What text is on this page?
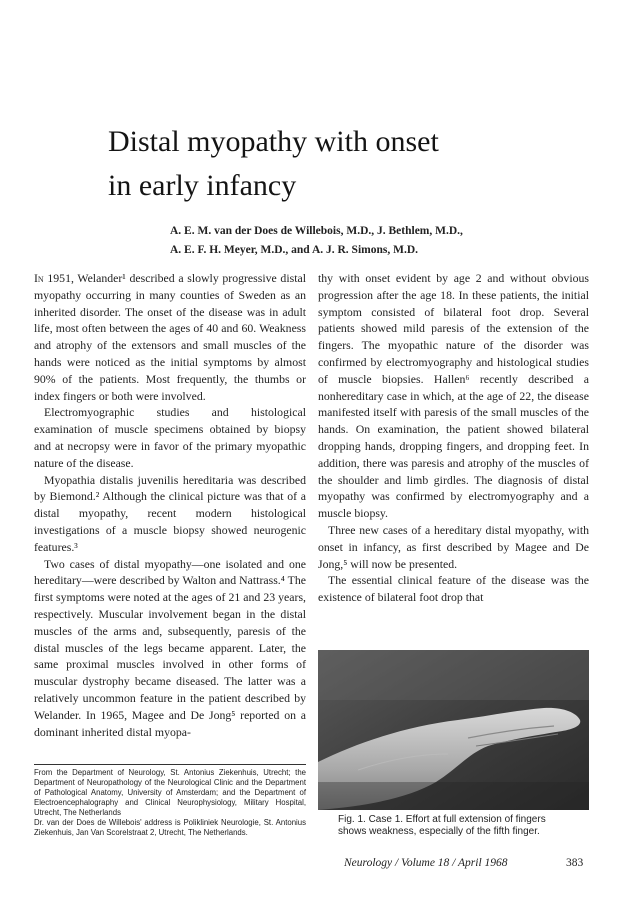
Distal myopathy with onset
in early infancy
A. E. M. van der Does de Willebois, M.D., J. Bethlem, M.D.,
A. E. F. H. Meyer, M.D., and A. J. R. Simons, M.D.

In 1951, Welander¹ described a slowly progressive distal myopathy occurring in many counties of Sweden as an inherited disorder. The onset of the disease was in adult life, most often between the ages of 40 and 60. Weakness and atrophy of the extensors and small muscles of the hands were noticed as the initial symptoms by almost 90% of the patients. Most frequently, the thumbs or index fingers or both were involved.

Electromyographic studies and histological examination of muscle specimens obtained by biopsy and at necropsy were in favor of the primary myopathic nature of the disease.

Myopathia distalis juvenilis hereditaria was described by Biemond.² Although the clinical picture was that of a distal myopathy, recent modern histological investigations of a muscle biopsy showed neurogenic features.³

Two cases of distal myopathy—one isolated and one hereditary—were described by Walton and Nattrass.⁴ The first symptoms were noted at the ages of 21 and 23 years, respectively. Muscular involvement began in the distal muscles of the arms and, subsequently, paresis of the distal muscles of the legs became apparent. Later, the same proximal muscles involved in other forms of muscular dystrophy became diseased. The latter was a relatively uncommon feature in the patient described by Welander. In 1965, Magee and De Jong⁵ reported on a dominant inherited distal myopa-

thy with onset evident by age 2 and without obvious progression after the age 18. In these patients, the initial symptom consisted of bilateral foot drop. Several patients showed mild paresis of the extension of the fingers. The myopathic nature of the disorder was confirmed by electromyography and histological studies of muscle biopsies. Hallen⁶ recently described a nonhereditary case in which, at the age of 22, the disease manifested itself with paresis of the small muscles of the hands. On examination, the patient showed bilateral dropping hands, dropping fingers, and dropping feet. In addition, there was paresis and atrophy of the muscles of the shoulder and limb girdles. The diagnosis of distal myopathy was confirmed by electromyography and a muscle biopsy.

Three new cases of a hereditary distal myopathy, with onset in infancy, as first described by Magee and De Jong,⁵ will now be presented.

The essential clinical feature of the disease was the existence of bilateral foot drop that

From the Department of Neurology, St. Antonius Ziekenhuis, Utrecht; the Department of Neuropathology of the Neurological Clinic and the Department of Pathological Anatomy, University of Amsterdam; and the Department of Electroencephalography and Clinical Neurophysiology, Military Hospital, Utrecht, The Netherlands

Dr. van der Does de Willebois' address is Polikliniek Neurologie, St. Antonius Ziekenhuis, Jan Van Scorelstraat 2, Utrecht, The Netherlands.

Fig. 1. Case 1. Effort at full extension of fingers shows weakness, especially of the fifth finger.

Neurology / Volume 18 / April 1968	383
